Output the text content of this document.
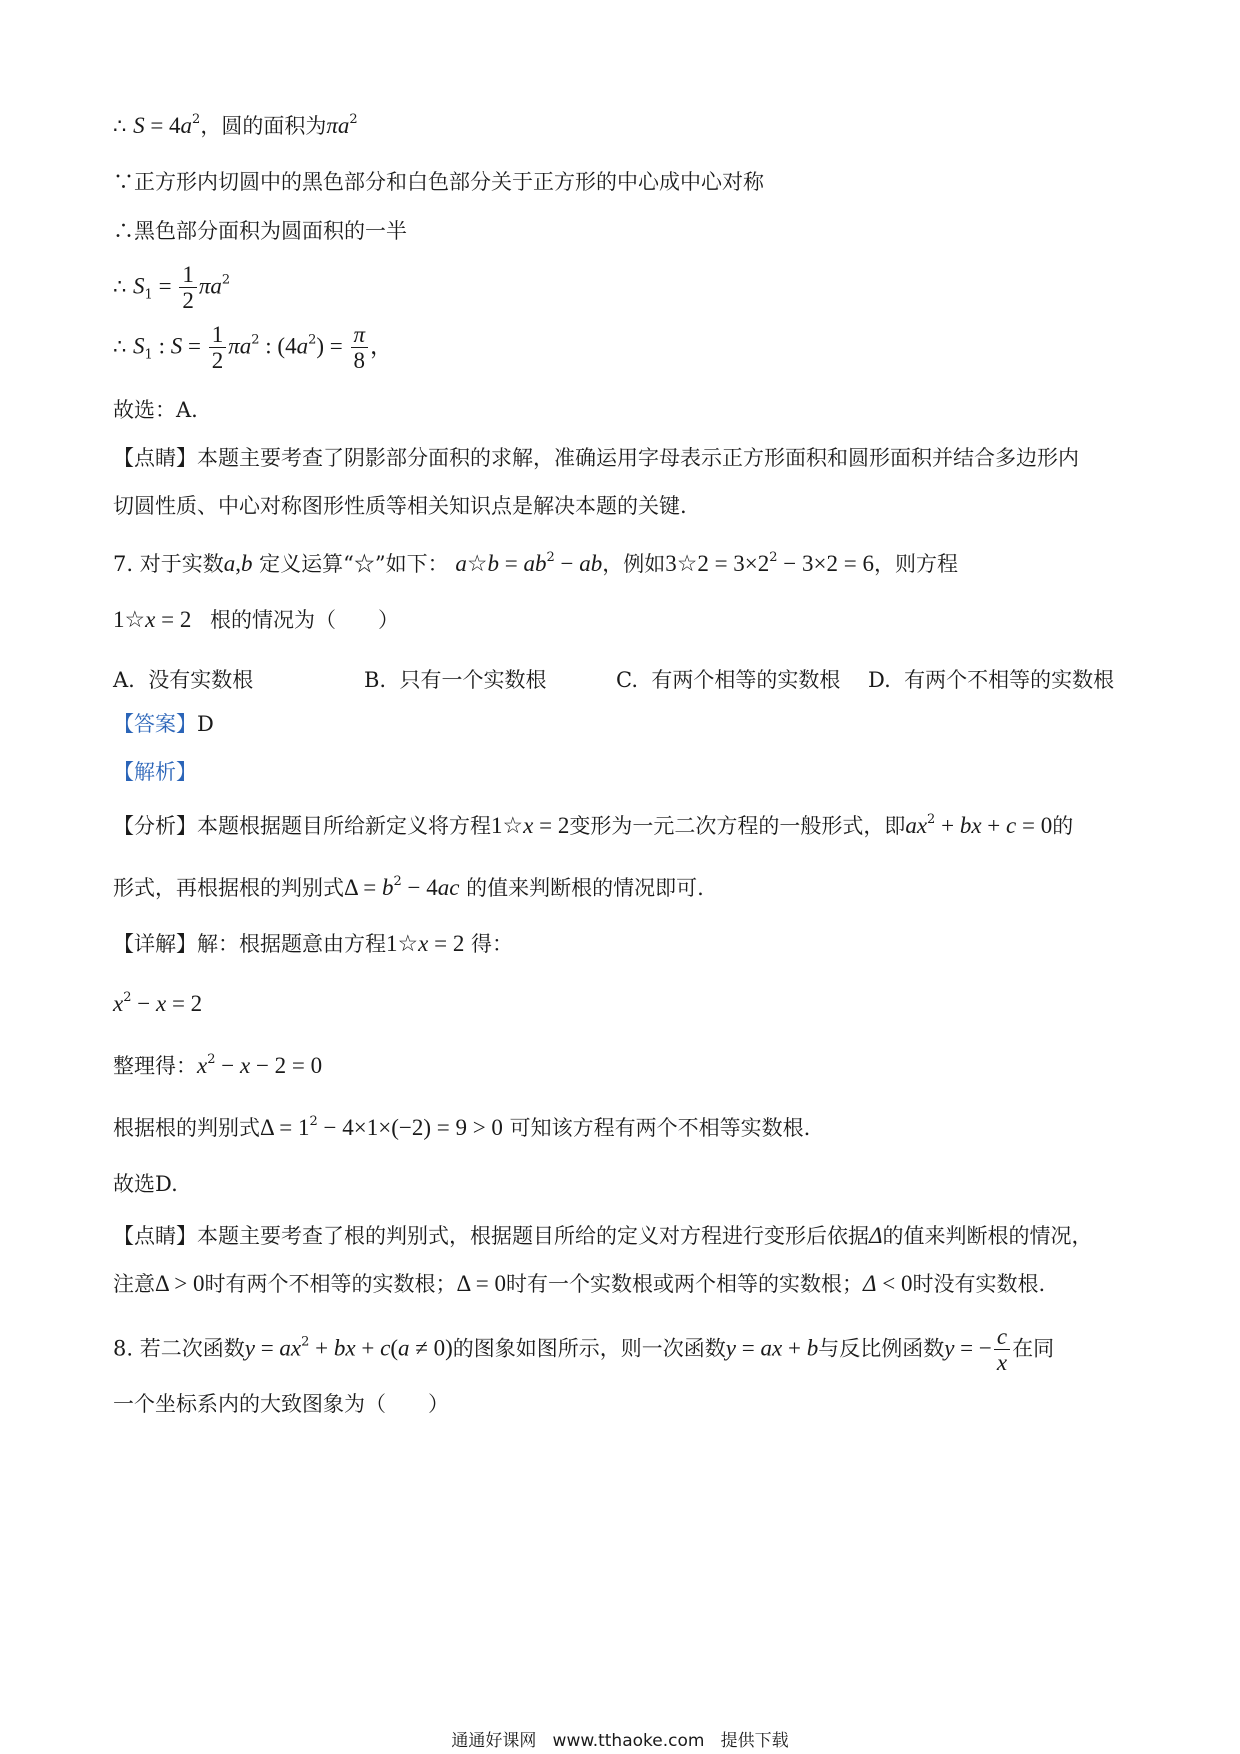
∴ $S = 4a^2$，圆的面积为$\pi a^2$
∵正方形内切圆中的黑色部分和白色部分关于正方形的中心成中心对称
∴黑色部分面积为圆面积的一半
∴ $S_1 = \frac{1}{2} \pi a^2$
∴ $S_1$ : $S = \frac{1}{2} \pi a^2$ : $(4a^2) = \frac{\pi}{8}$ ，
故选：A.
【点睛】本题主要考查了阴影部分面积的求解，准确运用字母表示正方形面积和圆形面积并结合多边形内
切圆性质、中心对称图形性质等相关知识点是解决本题的关键.
7. 对于实数a,b 定义运算“☆”如下： a☆b = $ab^2$ − ab，例如3☆2 = $3\times 2^2 - 3\times 2 = 6$，则方程
1☆x = 2 根的情况为（　　）
A. 没有实数根	B. 只有一个实数根	C. 有两个相等的实数根 D. 有两个不相等的实数根
【答案】D
【解析】
【分析】本题根据题目所给新定义将方程1☆x = 2变形为一元二次方程的一般形式，即$ax^2$ + bx + c = 0的
形式，再根据根的判别式$\Delta = b^2 - 4ac$ 的值来判断根的情况即可.
【详解】解：根据题意由方程1☆x = 2 得：
$x^2 - x = 2$
整理得：$x^2 - x - 2 = 0$
根据根的判别式$\Delta = 1^2 - 4\times 1\times(-2) = 9 > 0$ 可知该方程有两个不相等实数根.
故选D.
【点睛】本题主要考查了根的判别式，根据题目所给的定义对方程进行变形后依据Δ的值来判断根的情况，
注意Δ > 0时有两个不相等的实数根；Δ = 0时有一个实数根或两个相等的实数根；Δ < 0时没有实数根.
8. 若二次函数$y = ax^2$ + bx + c(a ≠ 0)的图象如图所示，则一次函数y = ax + b与反比例函数y = − $\frac{c}{x}$ 在同
一个坐标系内的大致图象为（　　）
通通好课网 www.tthaoke.com 提供下载
